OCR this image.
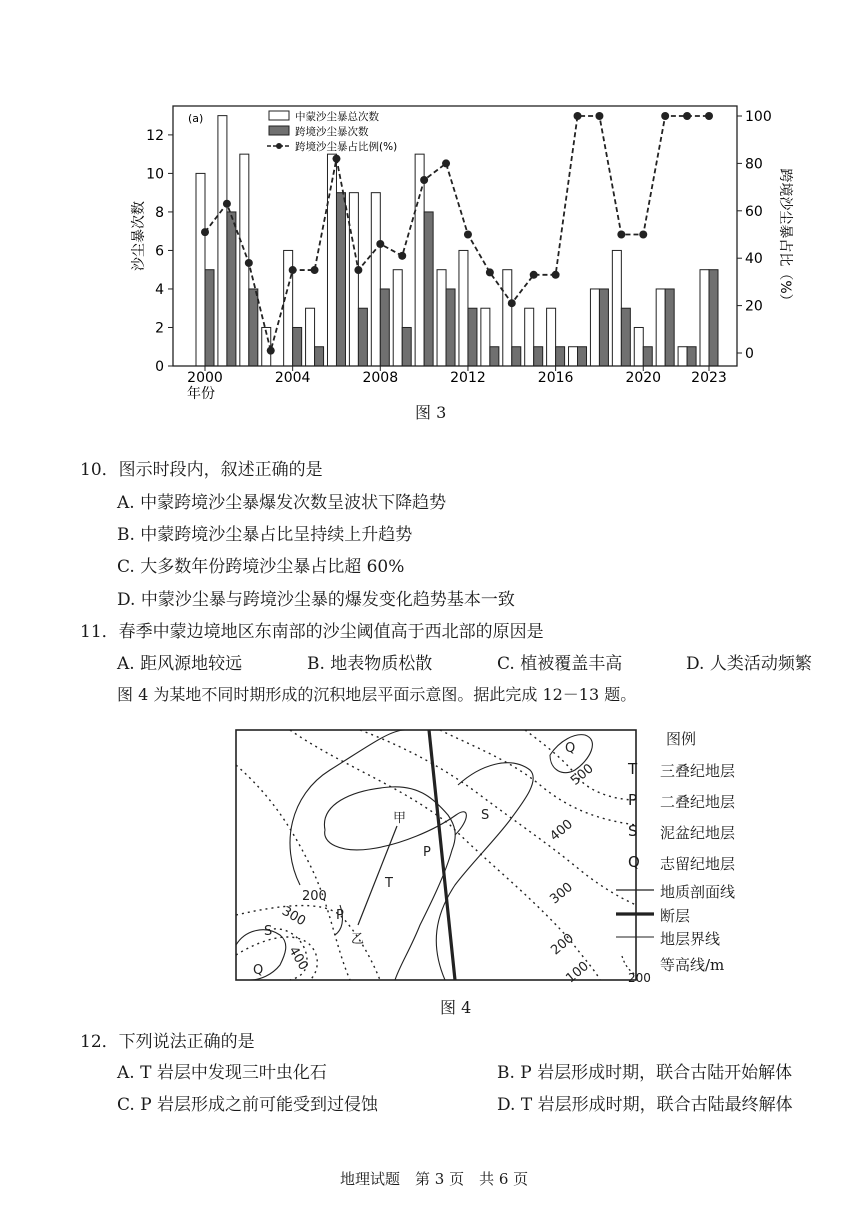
0
2
4
6
8
10
12
0
20
40
60
80
100
2000	2004	2008	2012	2016	2020 2023
(a)	中蒙沙尘暴总次数
跨境沙尘暴次数
跨境沙尘暴占比例(%)
沙尘暴次数	跨境沙尘暴占比（%）
年份
图 3
10．图示时段内，叙述正确的是
A. 中蒙跨境沙尘暴爆发次数呈波状下降趋势
B. 中蒙跨境沙尘暴占比呈持续上升趋势
C. 大多数年份跨境沙尘暴占比超 60%
D. 中蒙沙尘暴与跨境沙尘暴的爆发变化趋势基本一致
11．春季中蒙边境地区东南部的沙尘阈值高于西北部的原因是
A. 距风源地较远	B. 地表物质松散	C. 植被覆盖丰高	D. 人类活动频繁
图 4 为某地不同时期形成的沉积地层平面示意图。据此完成 12－13 题。
甲
乙
T
P
P
S
S
Q
Q
500
400
300
200
100
200
300
400
图例
T 三叠纪地层
P 二叠纪地层
S 泥盆纪地层
Q 志留纪地层
地质剖面线
断层
地层界线
等高线/m
200
图 4
12．下列说法正确的是
A. T 岩层中发现三叶虫化石	B. P 岩层形成时期，联合古陆开始解体
C. P 岩层形成之前可能受到过侵蚀	D. T 岩层形成时期，联合古陆最终解体
地理试题　第 3 页　共 6 页
